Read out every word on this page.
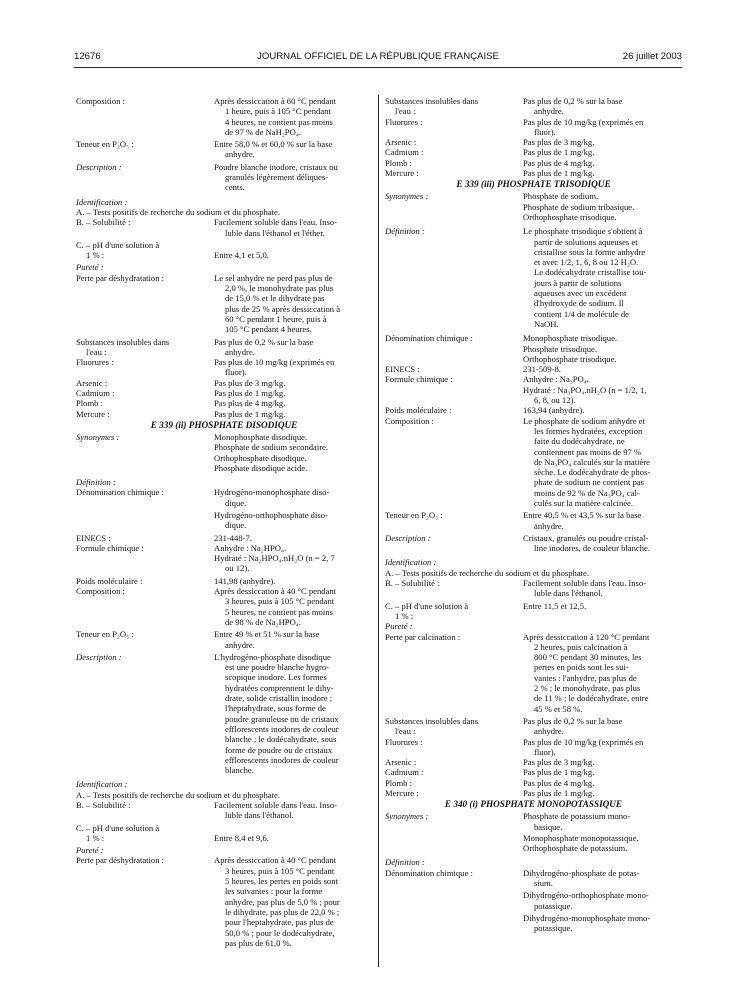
12676	JOURNAL OFFICIEL DE LA RÉPUBLIQUE FRANÇAISE	26 juillet 2003
Composition :	Après dessiccation à 60 °C pendant
1 heure, puis à 105 °C pendant
4 heures, ne contient pas moins
de 97 % de NaH₂PO₄.
Teneur en P₂O₅ :	Entre 58,0 % et 60,0 % sur la base
anhydre.
Description :	Poudre blanche inodore, cristaux ou
granulés légèrement déliques-
cents.
Identification :
A. – Tests positifs de recherche du sodium et du phosphate.
B. – Solubilité :	Facilement soluble dans l'eau. Inso-
luble dans l'éthanol et l'éther.
C. – pH d'une solution à
1 % :	Entre 4,1 et 5,0.
Pureté :
Perte par déshydratation :	Le sel anhydre ne perd pas plus de
2,0 %, le monohydrate pas plus
de 15,0 % et le dihydrate pas
plus de 25 % après dessiccation à
60 °C pendant 1 heure, puis à
105 °C pendant 4 heures.
Substances insolubles dans
l'eau :
Pas plus de 0,2 % sur la base
anhydre.
Fluorures :	Pas plus de 10 mg/kg (exprimés en
fluor).
Arsenic :	Pas plus de 3 mg/kg.
Cadmium :	Pas plus de 1 mg/kg.
Plomb :	Pas plus de 4 mg/kg.
Mercure :	Pas plus de 1 mg/kg.
E 339 (ii) PHOSPHATE DISODIQUE
Synonymes :	Monophosphate disodique.
Phosphate de sodium secondaire.
Orthophosphate disodique.
Phosphate disodique acide.
Définition :
Dénomination chimique :	Hydrogéno-monophosphate diso-
dique.
Hydrogéno-orthophosphate diso-
dique.
EINECS :	231-448-7.
Formule chimique :	Anhydre : Na₂HPO₄.
Hydraté : Na₂HPO₄.nH₂O (n = 2, 7
ou 12).
Poids moléculaire :	141,98 (anhydre).
Composition :	Après dessiccation à 40 °C pendant
3 heures, puis à 105 °C pendant
5 heures, ne contient pas moins
de 98 % de Na₂HPO₄.
Teneur en P₂O₅ :	Entre 49 % et 51 % sur la base
anhydre.
Description :	L'hydrogéno-phosphate disodique
est une poudre blanche hygro-
scopique inodore. Les formes
hydratées comprennent le dihy-
drate, solide cristallin inodore ;
l'heptahydrate, sous forme de
poudre granuleuse ou de cristaux
efflorescents inodores de couleur
blanche ; le dodécahydrate, sous
forme de poudre ou de cristaux
efflorescents inodores de couleur
blanche.
Identification :
A. – Tests positifs de recherche du sodium et du phosphate.
B. – Solubilité :	Facilement soluble dans l'eau. Inso-
luble dans l'éthanol.
C. – pH d'une solution à
1 % :	Entre 8,4 et 9,6.
Pureté :
Perte par déshydratation :	Après dessiccation à 40 °C pendant
3 heures, puis à 105 °C pendant
5 heures, les pertes en poids sont
les suivantes : pour la forme
anhydre, pas plus de 5,0 % ; pour
le dihydrate, pas plus de 22,0 % ;
pour l'heptahydrate, pas plus de
50,0 % ; pour le dodécahydrate,
pas plus de 61,0 %.
Substances insolubles dans
l'eau :
Pas plus de 0,2 % sur la base
anhydre.
Fluorures :	Pas plus de 10 mg/kg (exprimés en
fluor).
Arsenic :	Pas plus de 3 mg/kg.
Cadmium :	Pas plus de 1 mg/kg.
Plomb :	Pas plus de 4 mg/kg.
Mercure :	Pas plus de 1 mg/kg.
E 339 (iii) PHOSPHATE TRISODIQUE
Synonymes :	Phosphate de sodium.
Phosphate de sodium tribasique.
Orthophosphate trisodique.
Définition :	Le phosphate trisodique s'obtient à
partir de solutions aqueuses et
cristallise sous la forme anhydre
et avec 1/2, 1, 6, 8 ou 12 H₂O.
Le dodécahydrate cristallise tou-
jours à partir de solutions
aqueuses avec un excédent
d'hydroxyde de sodium. Il
contient 1/4 de molécule de
NaOH.
Dénomination chimique :	Monophosphate trisodique.
Phosphate trisodique.
Orthophosphate trisodique.
EINECS :	231-509-8.
Formule chimique :	Anhydre : Na₃PO₄.
Hydraté : Na₃PO₄.nH₂O (n = 1/2, 1,
6, 8, ou 12).
Poids moléculaire :	163,94 (anhydre).
Composition :	Le phosphate de sodium anhydre et
les formes hydratées, exception
faite du dodécahydrate, ne
contiennent pas moins de 97 %
de Na₃PO₄ calculés sur la matière
sèche. Le dodécahydrate de phos-
phate de sodium ne contient pas
moins de 92 % de Na₃PO₄ cal-
culés sur la matière calcinée.
Teneur en P₂O₅ :	Entre 40,5 % et 43,5 % sur la base
anhydre.
Description :	Cristaux, granulés ou poudre cristal-
line inodores, de couleur blanche.
Identification :
A. – Tests positifs de recherche du sodium et du phosphate.
B. – Solubilité :	Facilement soluble dans l'eau. Inso-
luble dans l'éthanol.
C. – pH d'une solution à
1 % :
Entre 11,5 et 12,5.
Pureté :
Perte par calcination :	Après dessiccation à 120 °C pendant
2 heures, puis calcination à
800 °C pendant 30 minutes, les
pertes en poids sont les sui-
vantes : l'anhydre, pas plus de
2 % ; le monohydrate, pas plus
de 11 % ; le dodécahydrate, entre
45 % et 58 %.
Substances insolubles dans
l'eau :
Pas plus de 0,2 % sur la base
anhydre.
Fluorures :	Pas plus de 10 mg/kg (exprimés en
fluor).
Arsenic :	Pas plus de 3 mg/kg.
Cadmium :	Pas plus de 1 mg/kg.
Plomb :	Pas plus de 4 mg/kg.
Mercure :	Pas plus de 1 mg/kg.
E 340 (i) PHOSPHATE MONOPOTASSIQUE
Synonymes :	Phosphate de potassium mono-
basique.
Monophosphate monopotassique.
Orthophosphate de potassium.
Définition :
Dénomination chimique :	Dihydrogéno-phosphate de potas-
sium.
Dihydrogéno-orthophosphate mono-
potassique.
Dihydrogéno-monophosphate mono-
potassique.
